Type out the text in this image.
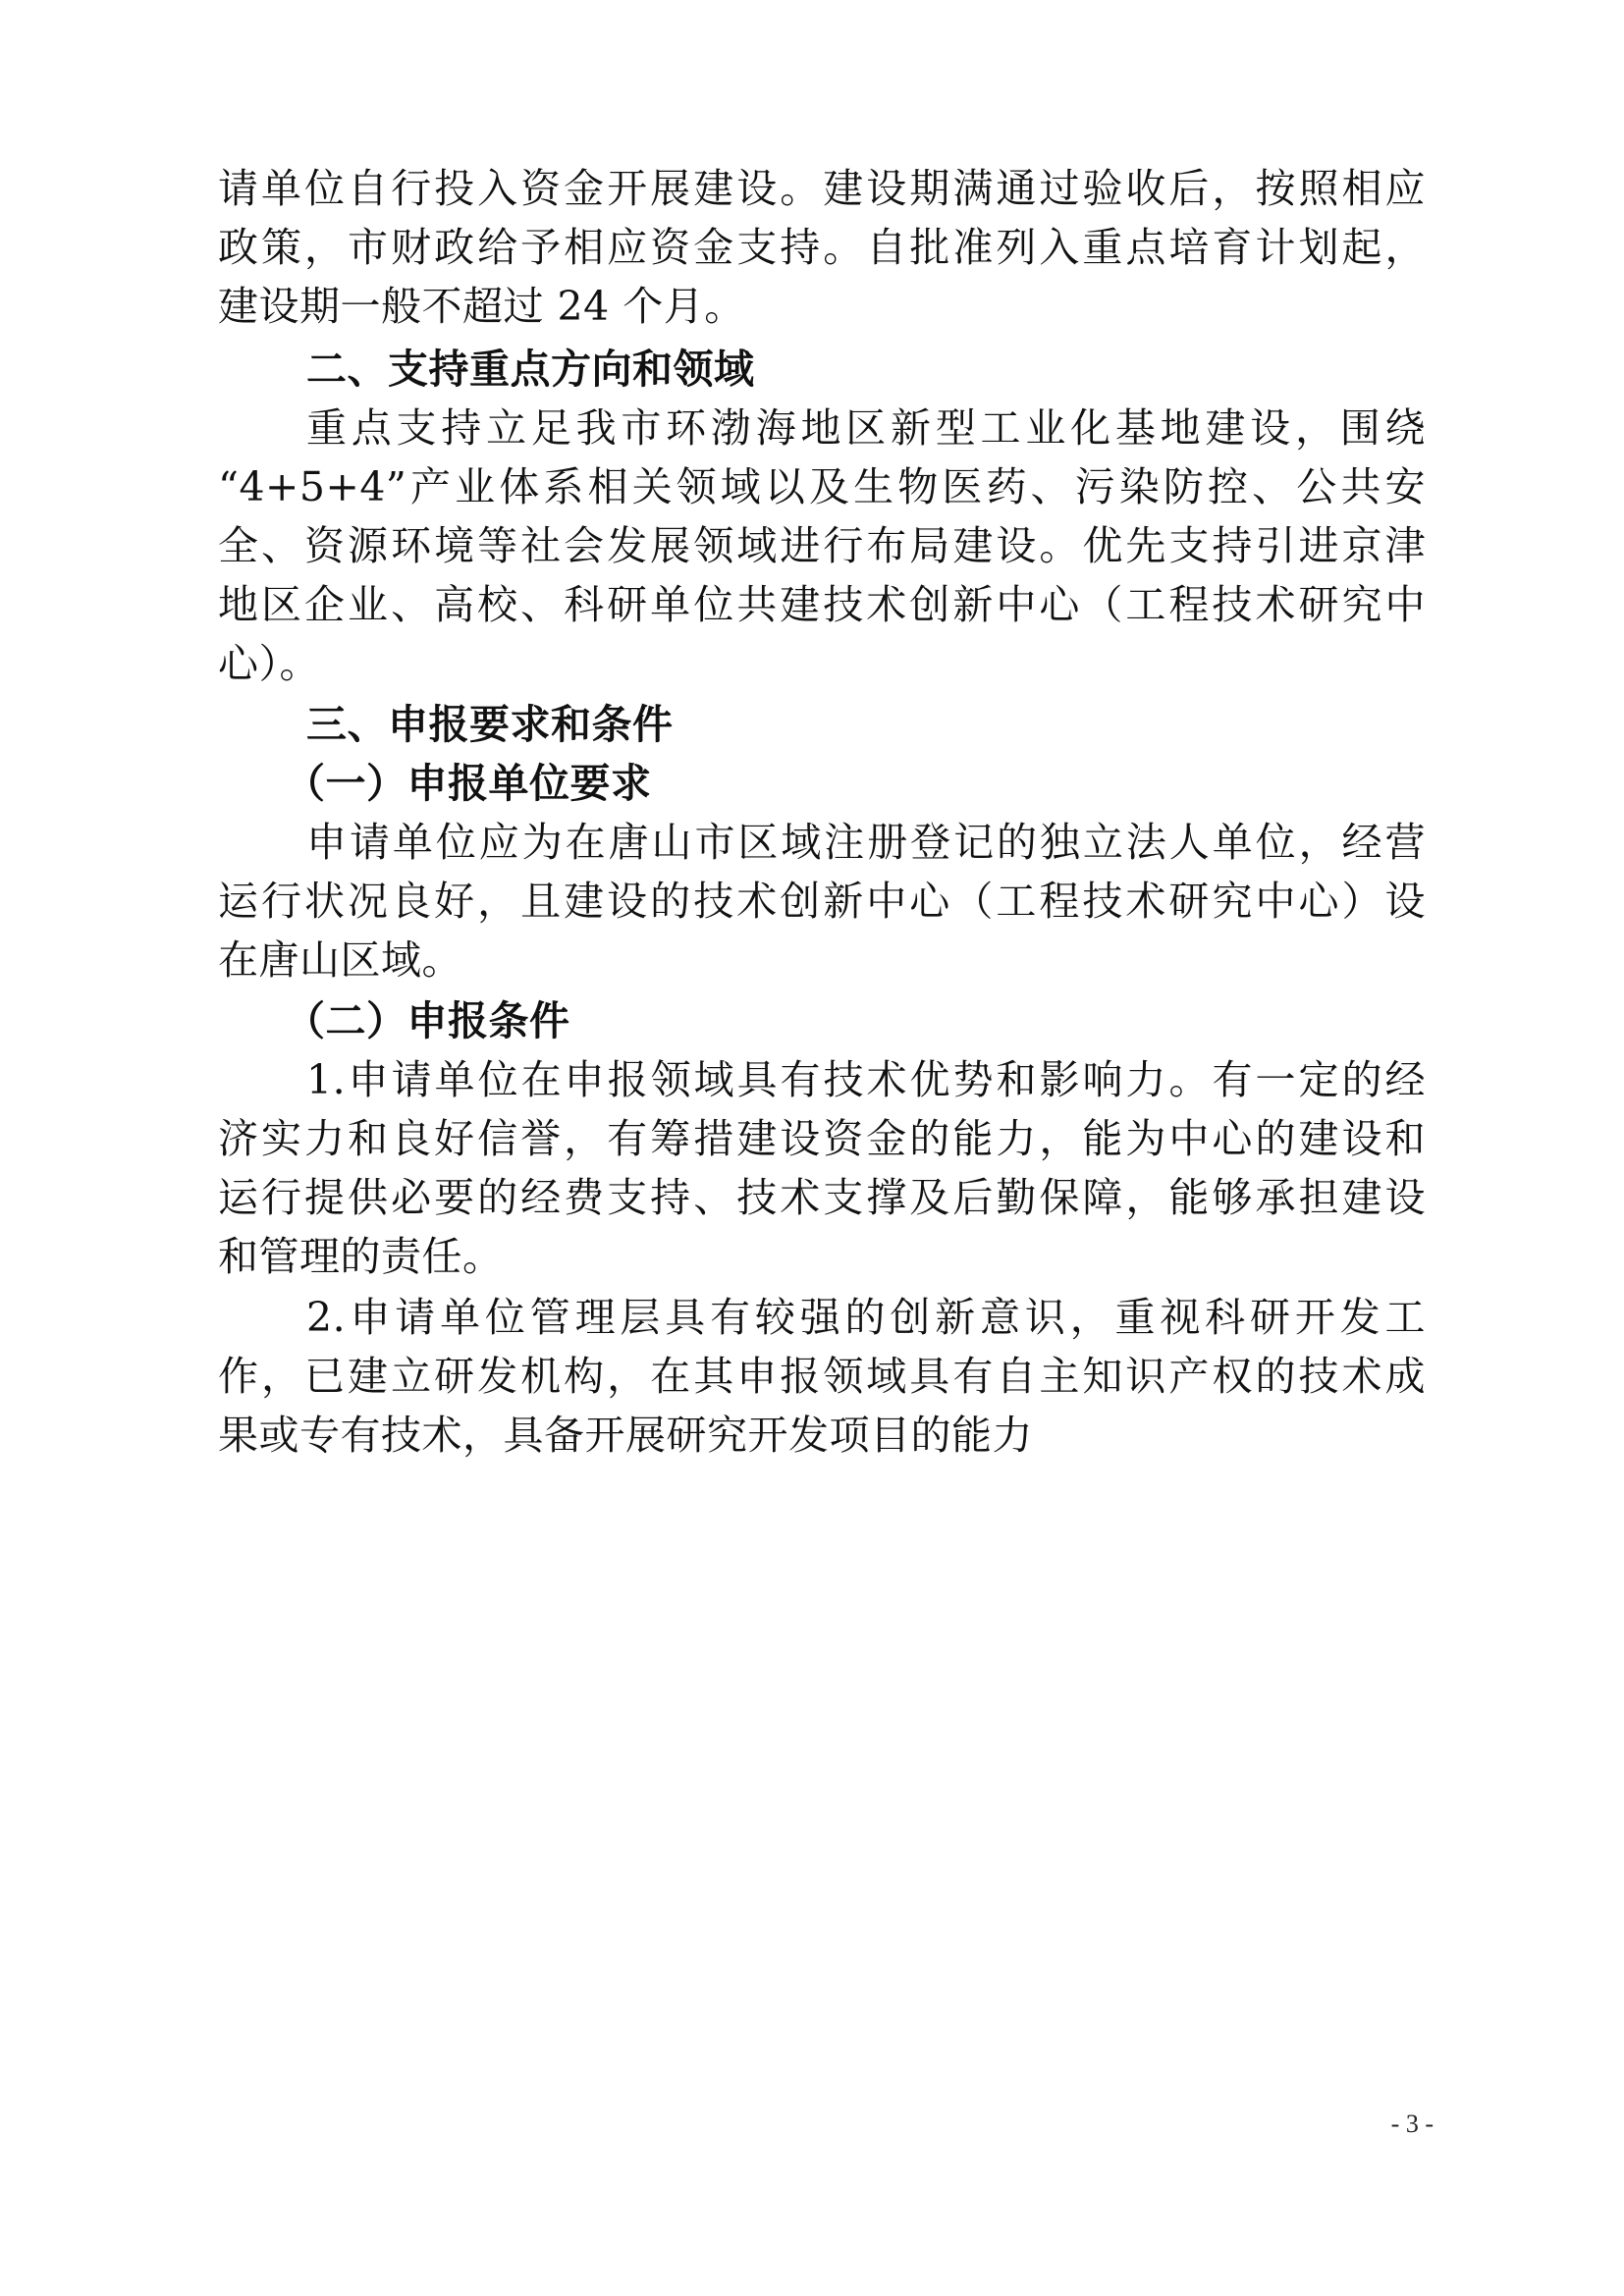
请单位自行投入资金开展建设。建设期满通过验收后，按照相应
政策，市财政给予相应资金支持。自批准列入重点培育计划起，
建设期一般不超过 24 个月。
二、支持重点方向和领域
重点支持立足我市环渤海地区新型工业化基地建设，围绕
“4+5+4”产业体系相关领域以及生物医药、污染防控、公共安
全、资源环境等社会发展领域进行布局建设。优先支持引进京津
地区企业、高校、科研单位共建技术创新中心（工程技术研究中
心）。
三、申报要求和条件
（一）申报单位要求
申请单位应为在唐山市区域注册登记的独立法人单位，经营
运行状况良好，且建设的技术创新中心（工程技术研究中心）设
在唐山区域。
（二）申报条件
1.申请单位在申报领域具有技术优势和影响力。有一定的经
济实力和良好信誉，有筹措建设资金的能力，能为中心的建设和
运行提供必要的经费支持、技术支撑及后勤保障，能够承担建设
和管理的责任。
2.申请单位管理层具有较强的创新意识，重视科研开发工
作，已建立研发机构，在其申报领域具有自主知识产权的技术成
果或专有技术，具备开展研究开发项目的能力
- 3 -
